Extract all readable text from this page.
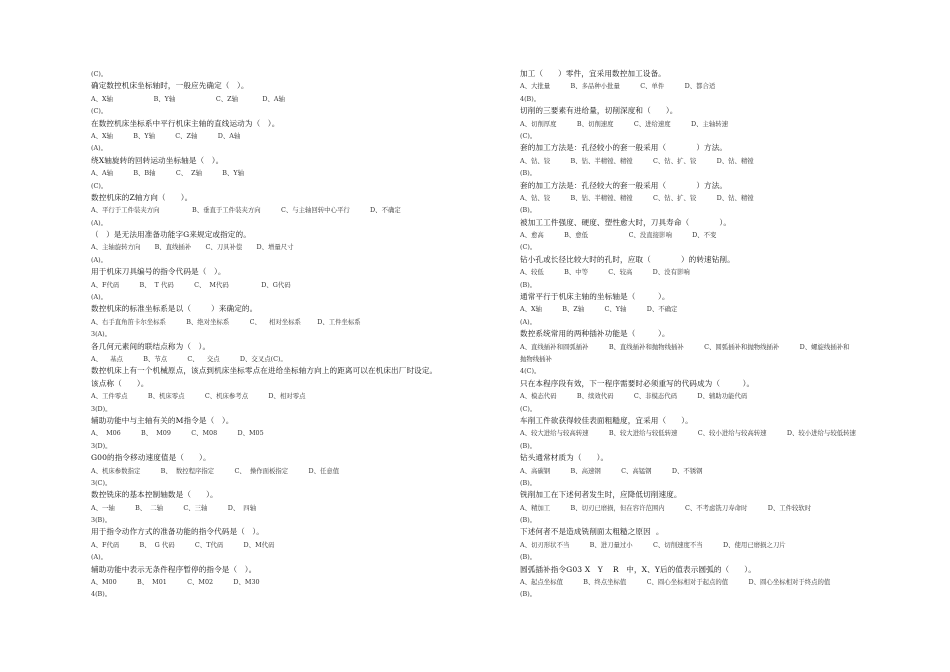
(C)。
确定数控机床坐标轴时，一般应先确定（   ）。
A、X轴                    B、Y轴                    C、Z轴            D、A轴
(C)。
在数控机床坐标系中平行机床主轴的直线运动为（   ）。
A、X轴          B、Y轴          C、Z轴          D、A轴
(A)。
绕X轴旋转的回转运动坐标轴是（   ）。
A、A轴          B、B轴          C、  Z轴          B、Y轴
(C)。
数控机床的Z轴方向（      ）。
A、平行于工件装夹方向                B、垂直于工件装夹方向          C、与主轴回转中心平行          D、不确定
(A)。
（   ）是无法用准备功能字G来规定或指定的。
A、主轴旋转方向       B、直线插补       C、刀具补偿       D、增量尺寸
(A)。
用于机床刀具编号的指令代码是（   ）。
A、F代码          B、  T 代码          C、  M代码                D、G代码
(A)。
数控机床的标准坐标系是以（        ）来确定的。
A、右手直角笛卡尔坐标系          B、绝对坐标系          C、    相对坐标系        D、工件坐标系
3(A)。
各几何元素间的联结点称为（   ）。
A、    基点          B、节点          C、    交点          D、交叉点(C)。
数控机床上有一个机械原点，该点到机床坐标零点在进给坐标轴方向上的距离可以在机床出厂时设定。
该点称（      ）。
A、工件零点          B、机床零点          C、机床参考点          D、相对零点
3(D)。
辅助功能中与主轴有关的M指令是（   ）。
A、  M06          B、  M09          C、M08          D、M05
3(D)。
G00的指令移动速度值是（      ）。
A、机床参数指定          B、  数控程序指定          C、  操作面板指定          D、任意值
3(C)。
数控铣床的基本控制轴数是（      ）。
A、一轴          B、  二轴          C、三轴          D、  四轴
3(B)。
用于指令动作方式的准备功能的指令代码是（   ）。
A、F代码          B、  G 代码          C、T代码          D、M代码
(A)。
辅助功能中表示无条件程序暂停的指令是（   ）。
A、M00          B、  M01          C、M02          D、M30
4(B)。
加工（      ）零件，宜采用数控加工设备。
A、大批量          B、多品种小批量          C、单件          D、都合适
4(B)。
切削的三要素有进给量，切削深度和（      ）。
A、切削厚度          B、切削速度          C、进给速度          D、主轴转速
(C)。
套的加工方法是：孔径较小的套一般采用（            ）方法。
A、钻、铰          B、钻、半精镗、精镗          C、钻、扩、铰          D、钻、精镗
(B)。
套的加工方法是：孔径较大的套一般采用（            ）方法。
A、钻、铰          B、钻、半精镗、精镗          C、钻、扩、铰          D、钻、精镗
(B)。
被加工工件强度、硬度、塑性愈大时，刀具寿命（            ）。
A、愈高          B、愈低                    C、没直接影响          D、不变
(C)。
钻小孔或长径比较大时的孔时，应取（            ）的转速钻削。
A、较低          B、中等          C、较高          D、没有影响
(B)。
通常平行于机床主轴的坐标轴是（         ）。
A、X轴          B、Z轴          C、Y轴          D、不确定
(A)。
数控系统常用的两种插补功能是（         ）。
A、直线插补和圆弧插补          B、直线插补和抛物线插补          C、圆弧插补和抛物线插补          D、螺旋线插补和
抛物线插补
4(C)。
只在本程序段有效，下一程序需要时必须重写的代码成为（         ）。
A、模态代码          B、续效代码          C、非模态代码          D、辅助功能代码
(C)。
车削工件欲获得较佳表面粗糙度，宜采用（      ）。
A、较大进给与较高转速          B、较大进给与较低转速          C、较小进给与较高转速          D、较小进给与较低转速
(B)。
钻头通常材质为（      ）。
A、高碳钢          B、高速钢          C、高锰钢          D、不锈钢
(B)。
铣削加工在下述何者发生时，应降低切削速度。
A、精加工          B、切刃已磨损，但在容许范围内          C、不考虑铣刀寿命时          D、工件较软时
(B)。
下述何者不是造成铣削面太粗糙之原因  。
A、切刃形状不当          B、进刀量过小          C、切削速度不当          D、使用已磨损之刀片
(B)。
圆弧插补指令G03 X   Y    R   中，X、Y后的值表示圆弧的（      ）。
A、起点坐标值          B、终点坐标值          C、圆心坐标相对于起点的值          D、圆心坐标相对于终点的值
(B)。
